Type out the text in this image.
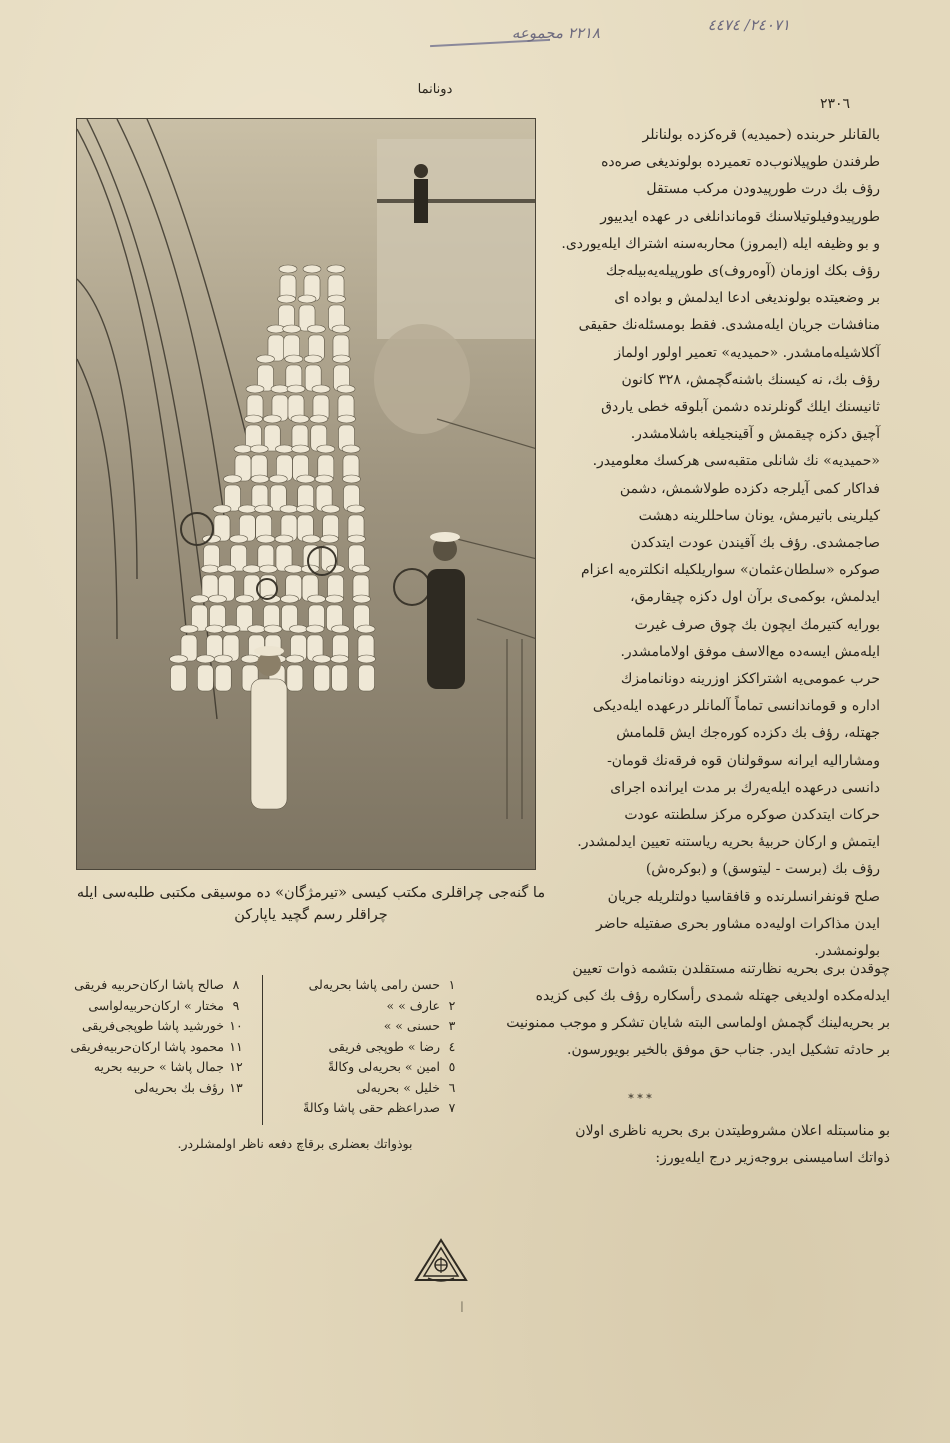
٢٤٠٧١/ ٤٤٧٤
٢٢١٨ مجموعه
دونانما
٢٣٠٦
ما گنه‌جی چراقلری مکتب کیسی «تیرمژگان» ده موسیقی مکتبی طلبه‌سی ایله
چراقلر رسم گچید یاپارکن

بالقانلر حربنده (حمیدیه) قره‌کزده بولنانلر

طرفندن طوپیلانوب‌ده تعمیرده بولوندیغی صره‌ده

رؤف بك درت طورپیدودن مرکب مستقل

طورپیدوفیلوتیلاسنك قوماندانلغی در عهده ایدییور

و بو وظیفه ایله (ایمروز) محاربه‌سنه اشتراك ایله‌یوردی.

رؤف بكك اوزمان (آوه‌روف)ی طورپیله‌یه‌بیله‌جك

بر وضعیتده بولوندیغی ادعا ایدلمش و بواده ای

منافشات جریان ایله‌مشدی. فقط بومسئله‌نك حقیقی

آكلاشیله‌مامشدر. «حمیدیه» تعمیر اولور اولماز

رؤف بك، نه کیسنك باشنه‌گچمش، ٣٢٨ كانون

ثانیسنك ایلك گونلرنده دشمن آبلوقه خطی یاردق

آچیق دکزه چیقمش و آقینجیلغه باشلامشدر.

«حمیدیه» نك شانلی متقبه‌سی هرکسك معلومیدر.

فداکار کمی آیلرجه دکزده طولاشمش، دشمن

کیلرینی باتیرمش، یونان ساحللرینه دهشت

صاجمشدی. رؤف بك آقیندن عودت ایتدکدن

صوکره «سلطان‌عثمان» سواریلکیله انكلتره‌یه اعزام

ایدلمش، بوکمی‌ی برآن اول دکزه چیقارمق،

بورایه کتیرمك ایچون بك چوق صرف غیرت

ایله‌مش ایسه‌ده مع‌الاسف موفق اولامامشدر.

حرب عمومی‌یه اشتراككز اوزرینه دونانمامزك

اداره و قوماندانسی تماماً آلمانلر درعهده ایله‌دیکی

جهتله، رؤف بك دکزده کوره‌جك ایش قلمامش

ومشارالیه ایرانه سوقولنان قوه فرقه‌نك قومان-

دانسی درعهده ایله‌یه‌رك بر مدت ایرانده اجرای

حرکات ایتدکدن صوکره مرکز سلطنته عودت

ایتمش و ارکان حربیهٔ بحریه ریاستنه تعیین ایدلمشدر.

رؤف بك (برست - لیتوسق) و (بوکره‌ش)

صلح قونفرانسلرنده و قافقاسیا دولتلریله جریان

ایدن مذاکرات اولیه‌ده مشاور بحری صفتیله حاضر

بولونمشدر.

چوقدن بری بحریه نظارتنه مستقلدن بتشمه ذوات تعیین

ایدله‌مکده اولدیغی جهتله شمدی رأسکاره رؤف بك کبی کزیده

بر بحریه‌لینك گچمش اولماسی البته شایان تشکر و موجب ممنونیت

بر حادثه تشکیل ایدر. جناب حق موفق بالخیر بویورسون.

* * *

بو مناسبتله اعلان مشروطیتدن بری بحریه ناظری اولان

ذواتك اسامیسنی بروجه‌زیر درج ایله‌یورز:

١
حسن رامی پاشا بحریه‌لی
٢
عارف » »
٣
حسنی » »
٤
رضا » طوپجی فریقی
٥
امین » بحریه‌لی وكالةً
٦
خلیل » بحریه‌لی
٧
صدراعظم حقی پاشا وكالةً
٨
صالح پاشا ارکان‌حربیه فریقی
٩
مختار » ارکان‌حربیه‌لواسی
١٠
خورشید پاشا طوپجی‌فریقی
١١
محمود پاشا ارکان‌حربیه‌فریقی
١٢
جمال پاشا » حربیه‌ بحریه
١٣
رؤف بك بحریه‌لی
بوذواتك بعضلری برقاچ دفعه ناظر اولمشلردر.
ا
